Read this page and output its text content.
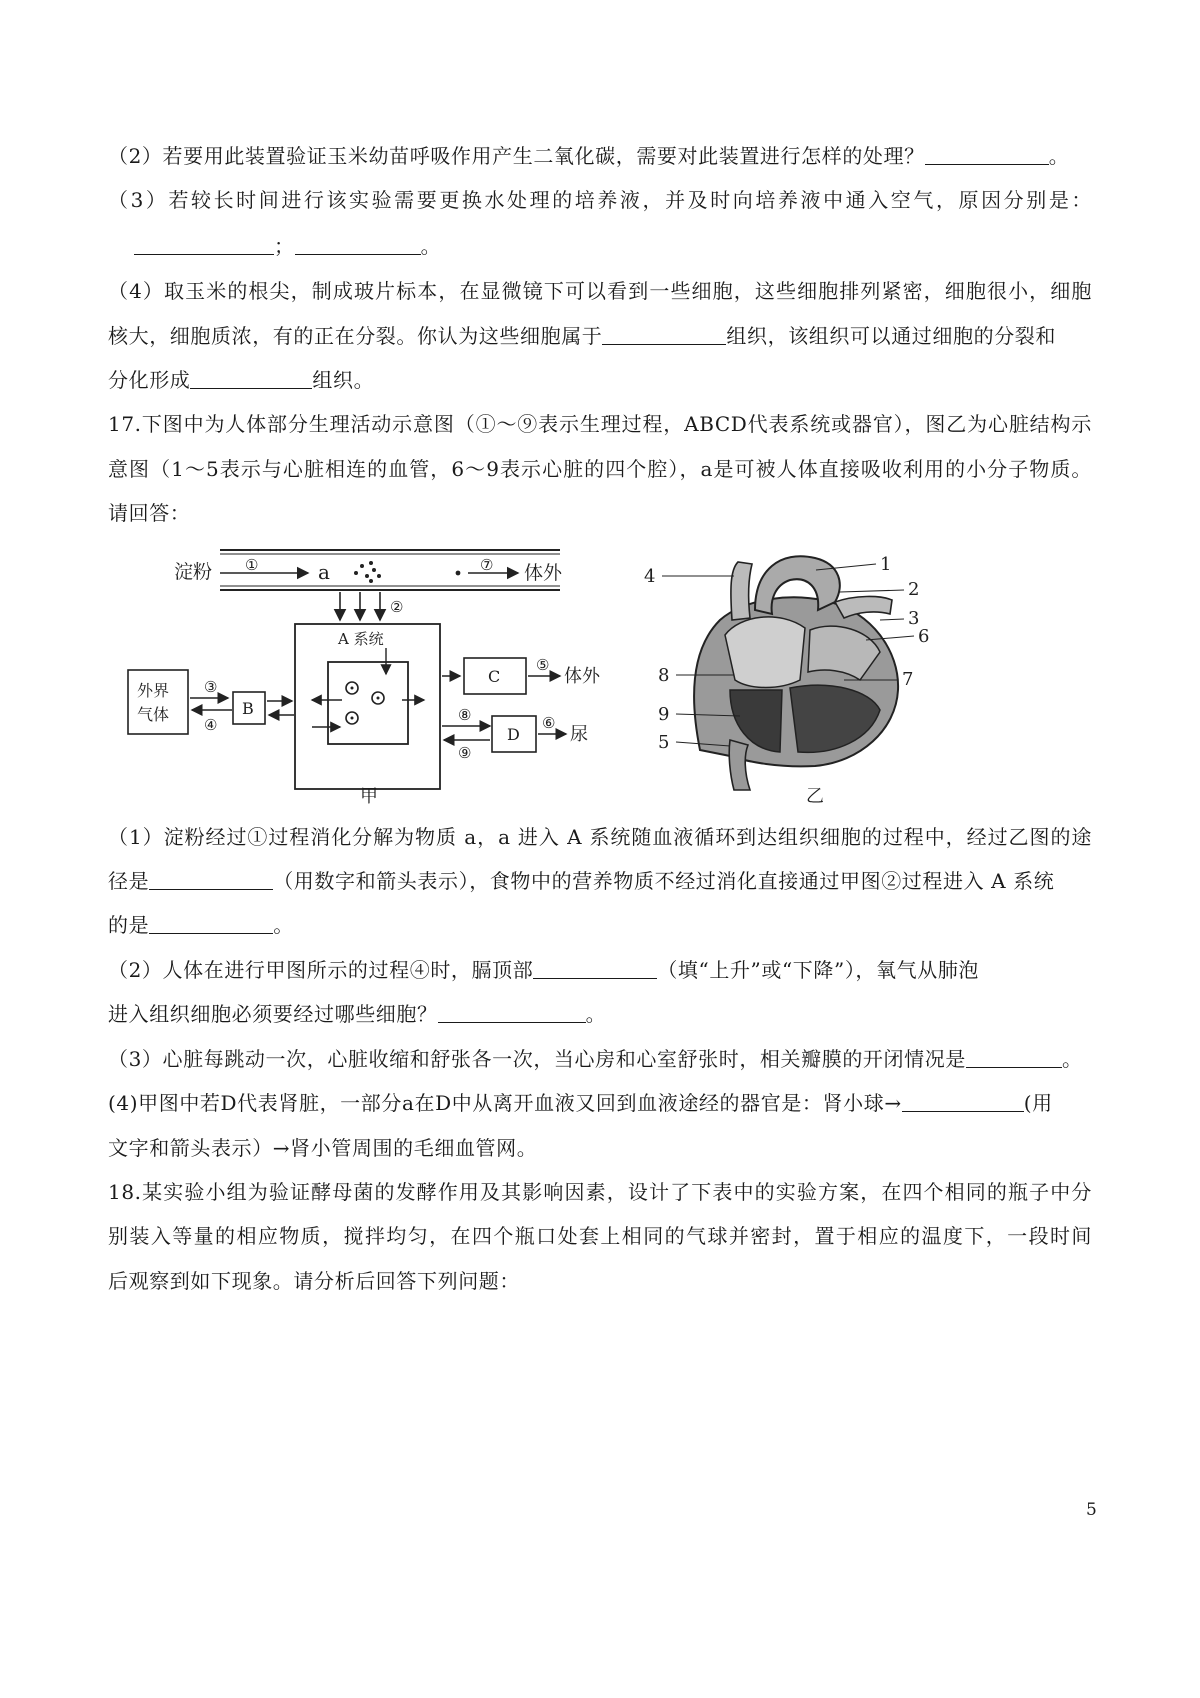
（2）若要用此装置验证玉米幼苗呼吸作用产生二氧化碳，需要对此装置进行怎样的处理？	。
（3）若较长时间进行该实验需要更换水处理的培养液，并及时向培养液中通入空气，原因分别是：
；	。
（4）取玉米的根尖，制成玻片标本，在显微镜下可以看到一些细胞，这些细胞排列紧密，细胞很小，细胞
核大，细胞质浓，有的正在分裂。你认为这些细胞属于	组织，该组织可以通过细胞的分裂和
分化形成	组织。
17.下图中为人体部分生理活动示意图（①～⑨表示生理过程，ABCD代表系统或器官），图乙为心脏结构示
意图（1～5表示与心脏相连的血管，6～9表示心脏的四个腔），a是可被人体直接吸收利用的小分子物质。
请回答：
淀粉 ①	a	⑦ 体外
②
A 系统
外界
气体
③
④
B
C
⑤
体外
⑧
⑨
D
⑥
尿
甲
1
2
3
6
4
7
8
9
5
乙
（1）淀粉经过①过程消化分解为物质 a，a 进入 A 系统随血液循环到达组织细胞的过程中，经过乙图的途
径是	（用数字和箭头表示），食物中的营养物质不经过消化直接通过甲图②过程进入 A 系统
的是	。
（2）人体在进行甲图所示的过程④时，膈顶部	（填“上升”或“下降”），氧气从肺泡
进入组织细胞必须要经过哪些细胞？	。
（3）心脏每跳动一次，心脏收缩和舒张各一次，当心房和心室舒张时，相关瓣膜的开闭情况是	。
(4)甲图中若D代表肾脏，一部分a在D中从离开血液又回到血液途经的器官是：肾小球→	(用
文字和箭头表示）→肾小管周围的毛细血管网。
18.某实验小组为验证酵母菌的发酵作用及其影响因素，设计了下表中的实验方案，在四个相同的瓶子中分
别装入等量的相应物质，搅拌均匀，在四个瓶口处套上相同的气球并密封，置于相应的温度下，一段时间
后观察到如下现象。请分析后回答下列问题：
5
